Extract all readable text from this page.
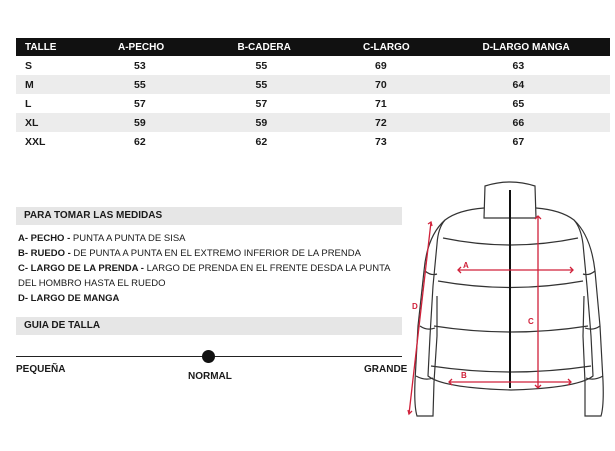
TALLE	A-PECHO	B-CADERA	C-LARGO	D-LARGO MANGA
S	53	55	69	63
M	55	55	70	64
L	57	57	71	65
XL	59	59	72	66
XXL	62	62	73	67
PARA TOMAR LAS MEDIDAS

A- PECHO - PUNTA A PUNTA DE SISA

B- RUEDO - DE PUNTA A PUNTA EN EL EXTREMO INFERIOR DE LA PRENDA

C- LARGO DE LA PRENDA - LARGO DE PRENDA EN EL FRENTE DESDA LA PUNTA DEL HOMBRO HASTA EL RUEDO

D- LARGO DE MANGA

GUIA DE TALLA
PEQUEÑA
NORMAL
GRANDE
A
B
C
D
